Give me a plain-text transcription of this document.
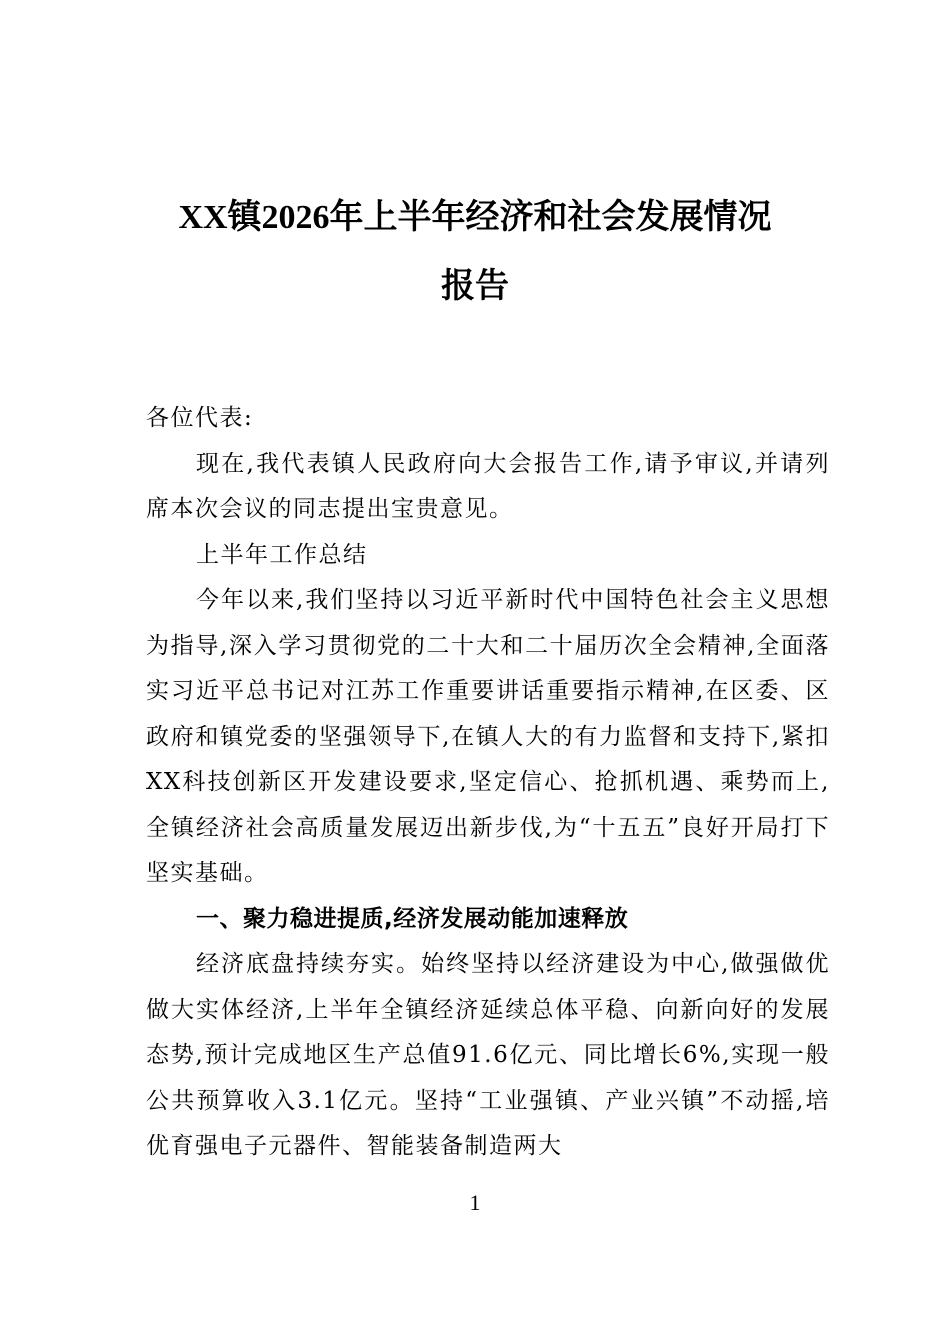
XX镇2026年上半年经济和社会发展情况
报告

各位代表:

现在,我代表镇人民政府向大会报告工作,请予审议,并请列席本次会议的同志提出宝贵意见。

上半年工作总结

今年以来,我们坚持以习近平新时代中国特色社会主义思想为指导,深入学习贯彻党的二十大和二十届历次全会精神,全面落实习近平总书记对江苏工作重要讲话重要指示精神,在区委、区政府和镇党委的坚强领导下,在镇人大的有力监督和支持下,紧扣XX科技创新区开发建设要求,坚定信心、抢抓机遇、乘势而上,全镇经济社会高质量发展迈出新步伐,为“十五五”良好开局打下坚实基础。

一、聚力稳进提质,经济发展动能加速释放

经济底盘持续夯实。始终坚持以经济建设为中心,做强做优做大实体经济,上半年全镇经济延续总体平稳、向新向好的发展态势,预计完成地区生产总值91.6亿元、同比增长6%,实现一般公共预算收入3.1亿元。坚持“工业强镇、产业兴镇”不动摇,培优育强电子元器件、智能装备制造两大

1
